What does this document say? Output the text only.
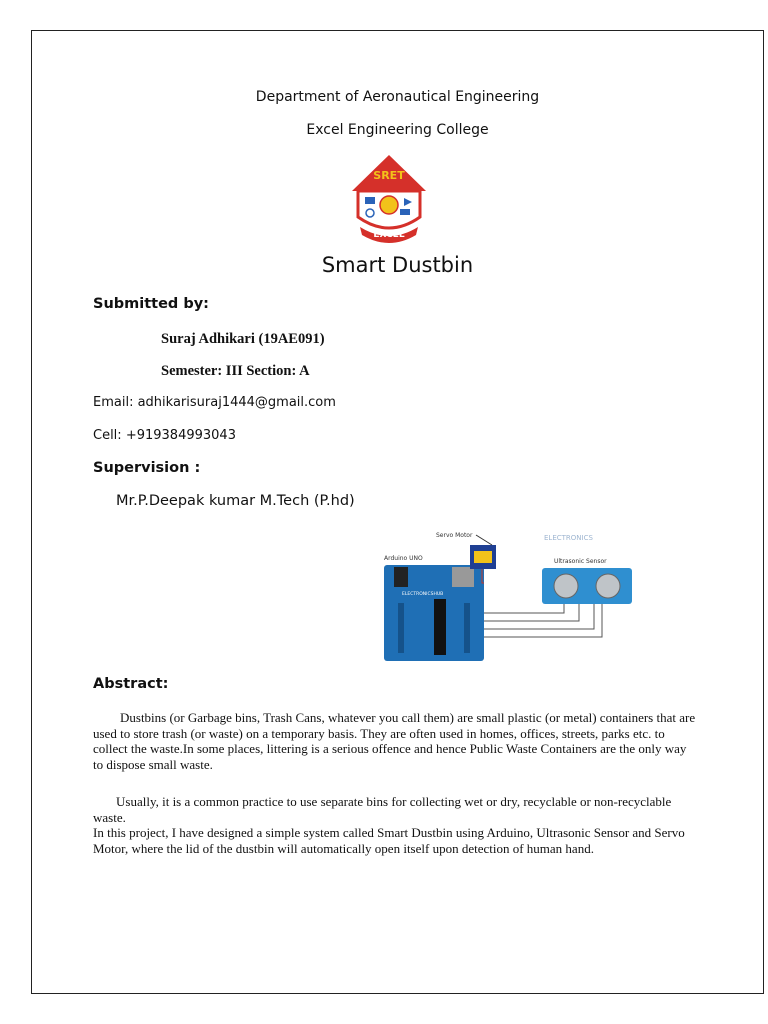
Department of Aeronautical Engineering
Excel Engineering College
SRET
EXCEL
Smart Dustbin
Submitted by:
Suraj Adhikari (19AE091)
Semester: III Section: A
Email: adhikarisuraj1444@gmail.com
Cell: +919384993043
Supervision :
Mr.P.Deepak kumar M.Tech (P.hd)
Arduino UNO
ELECTRONICSHUB
Servo Motor	ELECTRONICS
Ultrasonic Sensor
Abstract:
Dustbins (or Garbage bins, Trash Cans, whatever you call them) are small plastic (or metal) containers that are used to store trash (or waste) on a temporary basis. They are often used in homes, offices, streets, parks etc. to collect the waste.In some places, littering is a serious offence and hence Public Waste Containers are the only way to dispose small waste.
Usually, it is a common practice to use separate bins for collecting wet or dry, recyclable or non-recyclable waste.
In this project, I have designed a simple system called Smart Dustbin using Arduino, Ultrasonic Sensor and Servo Motor, where the lid of the dustbin will automatically open itself upon detection of human hand.
